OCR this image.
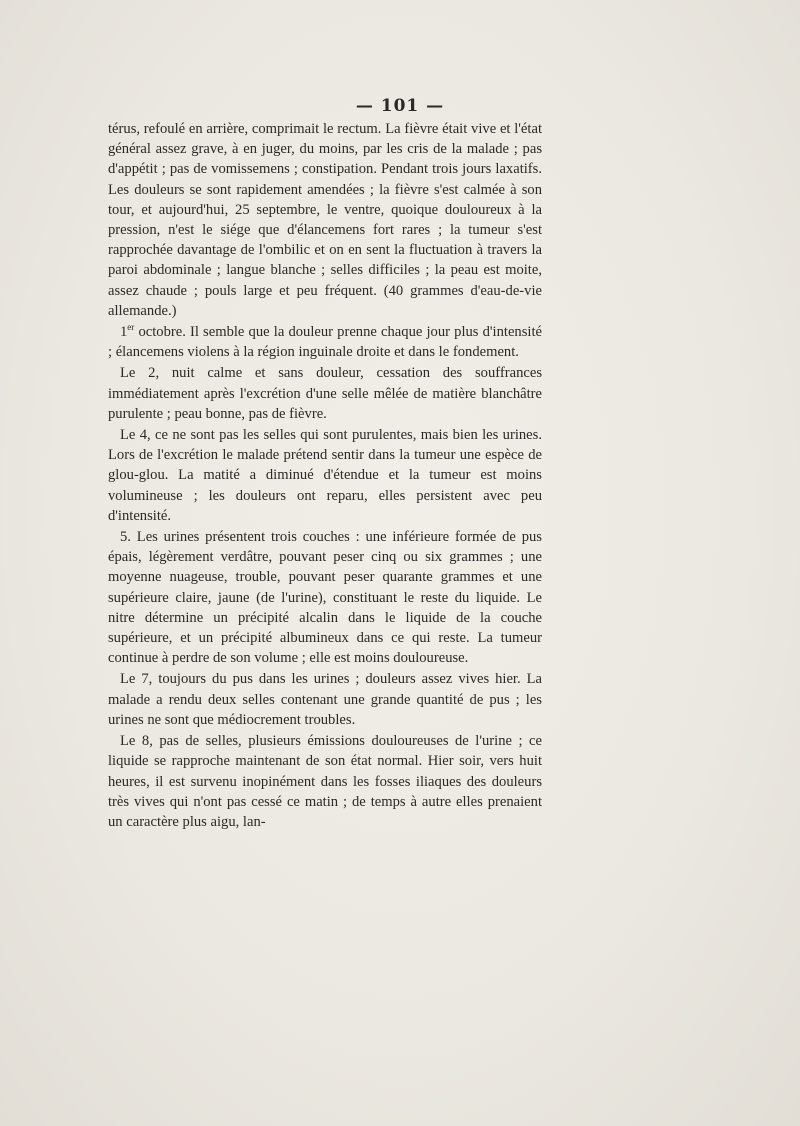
— 101 —

térus, refoulé en arrière, comprimait le rectum. La fièvre était vive et l'état général assez grave, à en juger, du moins, par les cris de la malade ; pas d'appétit ; pas de vomissemens ; constipation. Pendant trois jours laxatifs. Les douleurs se sont rapidement amendées ; la fièvre s'est calmée à son tour, et aujourd'hui, 25 septembre, le ventre, quoique douloureux à la pression, n'est le siége que d'élancemens fort rares ; la tumeur s'est rapprochée davantage de l'ombilic et on en sent la fluctuation à travers la paroi abdominale ; langue blanche ; selles difficiles ; la peau est moite, assez chaude ; pouls large et peu fréquent. (40 grammes d'eau-de-vie allemande.)

1er octobre. Il semble que la douleur prenne chaque jour plus d'intensité ; élancemens violens à la région inguinale droite et dans le fondement.

Le 2, nuit calme et sans douleur, cessation des souffrances immédiatement après l'excrétion d'une selle mêlée de matière blanchâtre purulente ; peau bonne, pas de fièvre.

Le 4, ce ne sont pas les selles qui sont purulentes, mais bien les urines. Lors de l'excrétion le malade prétend sentir dans la tumeur une espèce de glou-glou. La matité a diminué d'étendue et la tumeur est moins volumineuse ; les douleurs ont reparu, elles persistent avec peu d'intensité.

5. Les urines présentent trois couches : une inférieure formée de pus épais, légèrement verdâtre, pouvant peser cinq ou six grammes ; une moyenne nuageuse, trouble, pouvant peser quarante grammes et une supérieure claire, jaune (de l'urine), constituant le reste du liquide. Le nitre détermine un précipité alcalin dans le liquide de la couche supérieure, et un précipité albumineux dans ce qui reste. La tumeur continue à perdre de son volume ; elle est moins douloureuse.

Le 7, toujours du pus dans les urines ; douleurs assez vives hier. La malade a rendu deux selles contenant une grande quantité de pus ; les urines ne sont que médiocrement troubles.

Le 8, pas de selles, plusieurs émissions douloureuses de l'urine ; ce liquide se rapproche maintenant de son état normal. Hier soir, vers huit heures, il est survenu inopinément dans les fosses iliaques des douleurs très vives qui n'ont pas cessé ce matin ; de temps à autre elles prenaient un caractère plus aigu, lan-
